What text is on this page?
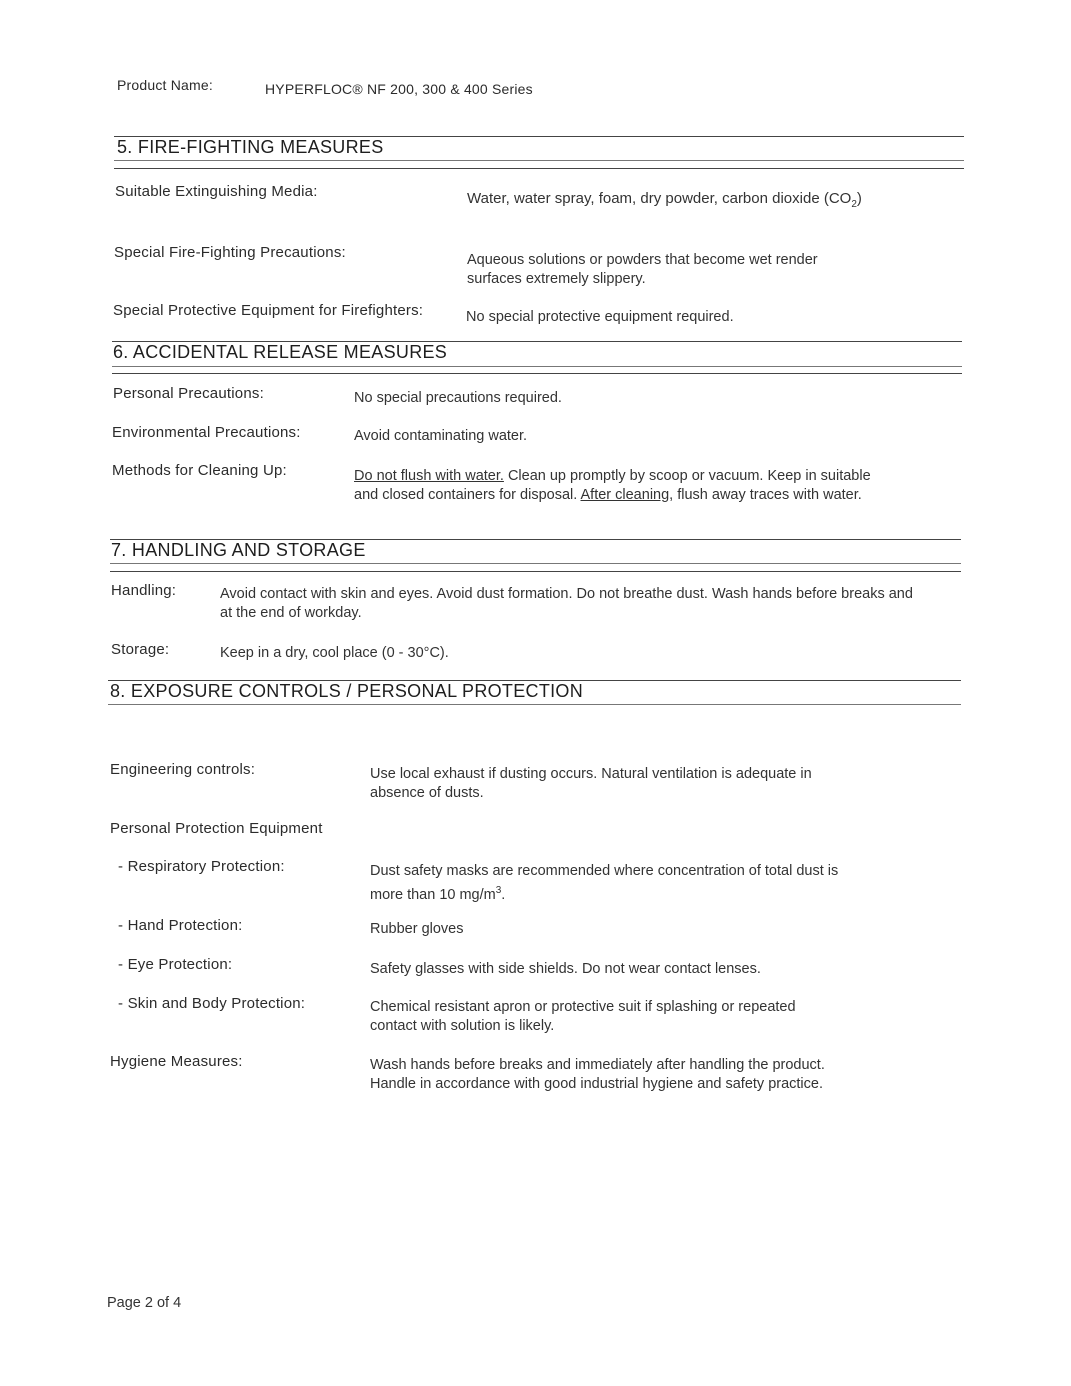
Product Name:	HYPERFLOC® NF 200, 300 & 400 Series
5. FIRE-FIGHTING MEASURES
Suitable Extinguishing Media:	Water, water spray, foam, dry powder, carbon dioxide $(CO_2)$
Special Fire-Fighting Precautions:	Aqueous solutions or powders that become wet render surfaces extremely slippery.
Special Protective Equipment for Firefighters:	No special protective equipment required.
6. ACCIDENTAL RELEASE MEASURES
Personal Precautions:	No special precautions required.
Environmental Precautions:	Avoid contaminating water.
Methods for Cleaning Up:	Do not flush with water. Clean up promptly by scoop or vacuum. Keep in suitable and closed containers for disposal. After cleaning, flush away traces with water.
7. HANDLING AND STORAGE
Handling:	Avoid contact with skin and eyes. Avoid dust formation. Do not breathe dust. Wash hands before breaks and at the end of workday.
Storage:	Keep in a dry, cool place (0 - 30°C).
8. EXPOSURE CONTROLS / PERSONAL PROTECTION
Engineering controls:	Use local exhaust if dusting occurs. Natural ventilation is adequate in absence of dusts.
Personal Protection Equipment
- Respiratory Protection:	Dust safety masks are recommended where concentration of total dust is more than 10 $mg/m^3$.
- Hand Protection:	Rubber gloves
- Eye Protection:	Safety glasses with side shields. Do not wear contact lenses.
- Skin and Body Protection:	Chemical resistant apron or protective suit if splashing or repeated contact with solution is likely.
Hygiene Measures:	Wash hands before breaks and immediately after handling the product. Handle in accordance with good industrial hygiene and safety practice.
Page 2 of 4
